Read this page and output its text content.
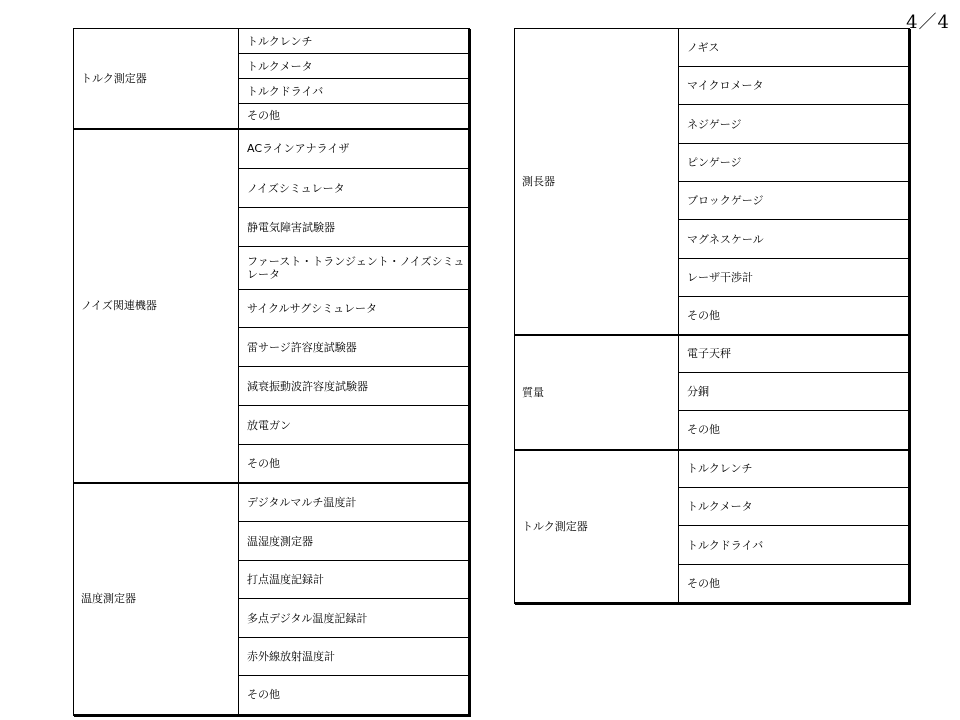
4／4
トルク測定器	トルクレンチ
	トルクメータ
	トルクドライバ
	その他
ノイズ関連機器	ACラインアナライザ
	ノイズシミュレータ
	静電気障害試験器
	ファースト・トランジェント・ノイズシミュレータ
	サイクルサグシミュレータ
	雷サージ許容度試験器
	減衰振動波許容度試験器
	放電ガン
	その他
温度測定器	デジタルマルチ温度計
	温湿度測定器
	打点温度記録計
	多点デジタル温度記録計
	赤外線放射温度計
	その他
測長器	ノギス
	マイクロメータ
	ネジゲージ
	ピンゲージ
	ブロックゲージ
	マグネスケール
	レーザ干渉計
	その他
質量	電子天秤
	分銅
	その他
トルク測定器	トルクレンチ
	トルクメータ
	トルクドライバ
	その他
